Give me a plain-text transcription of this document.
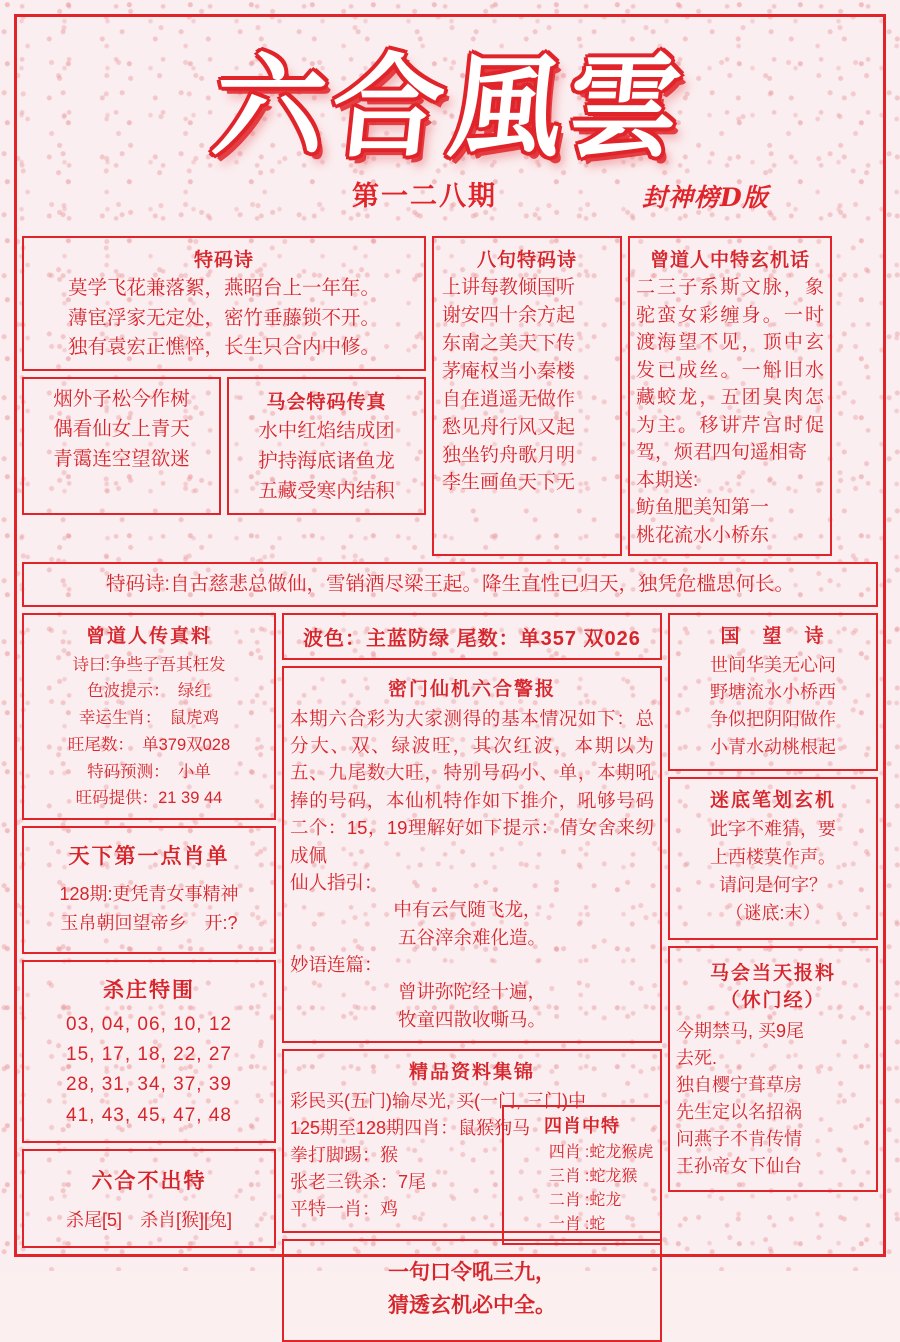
六合風雲
第一二八期	封神榜D版
特码诗
莫学飞花兼落絮，燕昭台上一年年。
薄宦浮家无定处，密竹垂藤锁不开。
独有袁宏正憔悴，长生只合内中修。
烟外子松今作树
偶看仙女上青天
青霭连空望欲迷
马会特码传真
水中红焰结成团
护持海底诸鱼龙
五藏受寒内结积
八句特码诗
上讲每教倾国听
谢安四十余方起
东南之美天下传
茅庵权当小秦楼
自在逍遥无做作
愁见舟行风又起
独坐钓舟歌月明
李生画鱼天下无
曾道人中特玄机话
二三子系斯文脉，象驼蛮女彩缠身。一时渡海望不见，顶中玄发已成丝。一斛旧水藏蛟龙，五团臭肉怎为主。移讲芹宫时促驾，烦君四句遥相寄
本期送:
鲂鱼肥美知第一
桃花流水小桥东
特码诗:自古慈悲总做仙，雪销酒尽梁王起。降生直性已归天，独凭危槛思何长。
曾道人传真料
诗曰:争些子吾其枉发
色波提示：　绿红
幸运生肖：　鼠虎鸡
旺尾数：　单379双028
特码预测：　小单
旺码提供：21 39 44
天下第一点肖单
128期:更凭青女事精神
玉帛朝回望帝乡　开:?
杀庄特围
03, 04, 06, 10, 12
15, 17, 18, 22, 27
28, 31, 34, 37, 39
41, 43, 45, 47, 48
六合不出特
杀尾[5]　杀肖[猴][兔]
波色：主蓝防绿 尾数：单357 双026
密门仙机六合警报
本期六合彩为大家测得的基本情况如下：总分大、双、绿波旺，其次红波，本期以为五、九尾数大旺，特别号码小、单，本期吼捧的号码，本仙机特作如下推介，吼够号码二个：15，19理解好如下提示：倩女舍来纫成佩
仙人指引：
中有云气随飞龙，
五谷滓余难化造。
妙语连篇：
曾讲弥陀经十遍，
牧童四散收嘶马。
精品资料集锦
彩民买(五门)输尽光, 买(一门, 三门)中
125期至128期四肖：鼠猴狗马
拳打脚踢：猴
张老三铁杀：7尾
平特一肖：鸡
一句口令吼三九，
猜透玄机必中全。
国　望　诗
世间华美无心问
野塘流水小桥西
争似把阴阳做作
小青水动桃根起
迷底笔划玄机
此字不难猜，要
上西楼莫作声。
请问是何字？
（谜底:末）
马会当天报料
（休门经）
今期禁马, 买9尾
去死.
独自樱宁葺草房
先生定以名招祸
问燕子不肯传情
王孙帝女下仙台
四肖中特
四肖	:蛇龙猴虎
三肖	:蛇龙猴
二肖	:蛇龙
一肖	:蛇
